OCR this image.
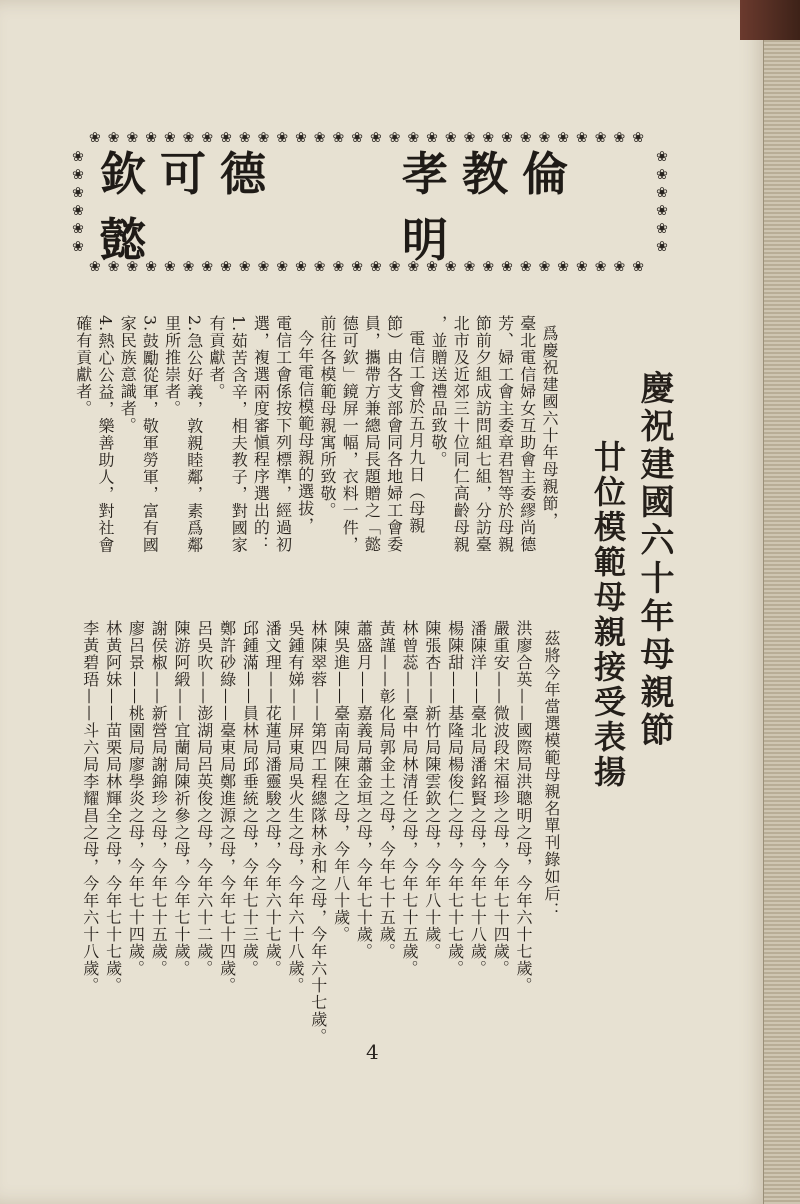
❀❀❀❀❀❀❀❀❀❀❀❀❀❀❀❀❀❀❀❀❀❀❀❀❀❀❀❀❀❀
❀❀❀❀❀❀❀❀❀❀❀❀❀❀❀❀❀❀❀❀❀❀❀❀❀❀❀❀❀❀
❀
❀
❀
❀
❀
❀
❀
❀
❀
❀
❀
❀
欽可德懿
孝教倫明
慶祝建國六十年母親節
廿位模範母親接受表揚
爲慶祝建國六十年母親節，
臺北電信婦女互助會主委繆尚德
芳、婦工會主委章君智等於母親
節前夕組成訪問組七組，分訪臺
北市及近郊三十位同仁高齡母親
，並贈送禮品致敬。
電信工會於五月九日（母親
節）由各支部會同各地婦工會委
員，攜帶方兼總局長題贈之「懿
德可欽」鏡屏一幅，衣料一件，
前往各模範母親寓所致敬。
今年電信模範母親的選拔，
電信工會係按下列標準，經過初
選，複選兩度審愼程序選出的：
1.茹苦含辛，相夫教子，對國家
有貢獻者。
2.急公好義，敦親睦鄰，素爲鄰
里所推崇者。
3.鼓勵從軍，敬軍勞軍，富有國
家民族意識者。
4.熱心公益，樂善助人，對社會
確有貢獻者。
茲將今年當選模範母親名單刊錄如后：
洪廖合英——國際局洪聰明之母，今年六十七歲。
嚴重安——微波段宋福珍之母，今年七十四歲。
潘陳洋——臺北局潘銘賢之母，今年七十八歲。
楊陳甜——基隆局楊俊仁之母，今年七十七歲。
陳張杏——新竹局陳雲欽之母，今年八十歲。
林曾蕊——臺中局林清任之母，今年七十五歲。
黃謹——彰化局郭金土之母，今年七十五歲。
蕭盛月——嘉義局蕭金垣之母，今年七十歲。
陳吳進——臺南局陳在之母，今年八十歲。
林陳翠蓉——第四工程總隊林永和之母，今年六十七歲。
吳鍾有娣——屏東局吳火生之母，今年六十八歲。
潘文理——花蓮局潘靈駿之母，今年六十七歲。
邱鍾滿——員林局邱垂統之母，今年七十三歲。
鄭許砂綠——臺東局鄭進源之母，今年七十四歲。
呂吳吹——澎湖局呂英俊之母，今年六十二歲。
陳游阿緞——宜蘭局陳祈參之母，今年七十歲。
謝侯椒——新營局謝錦珍之母，今年七十五歲。
廖呂景——桃園局廖學炎之母，今年七十四歲。
林黃阿妹——苗栗局林輝全之母，今年七十七歲。
李黃碧珸——斗六局李耀昌之母，今年六十八歲。
4
